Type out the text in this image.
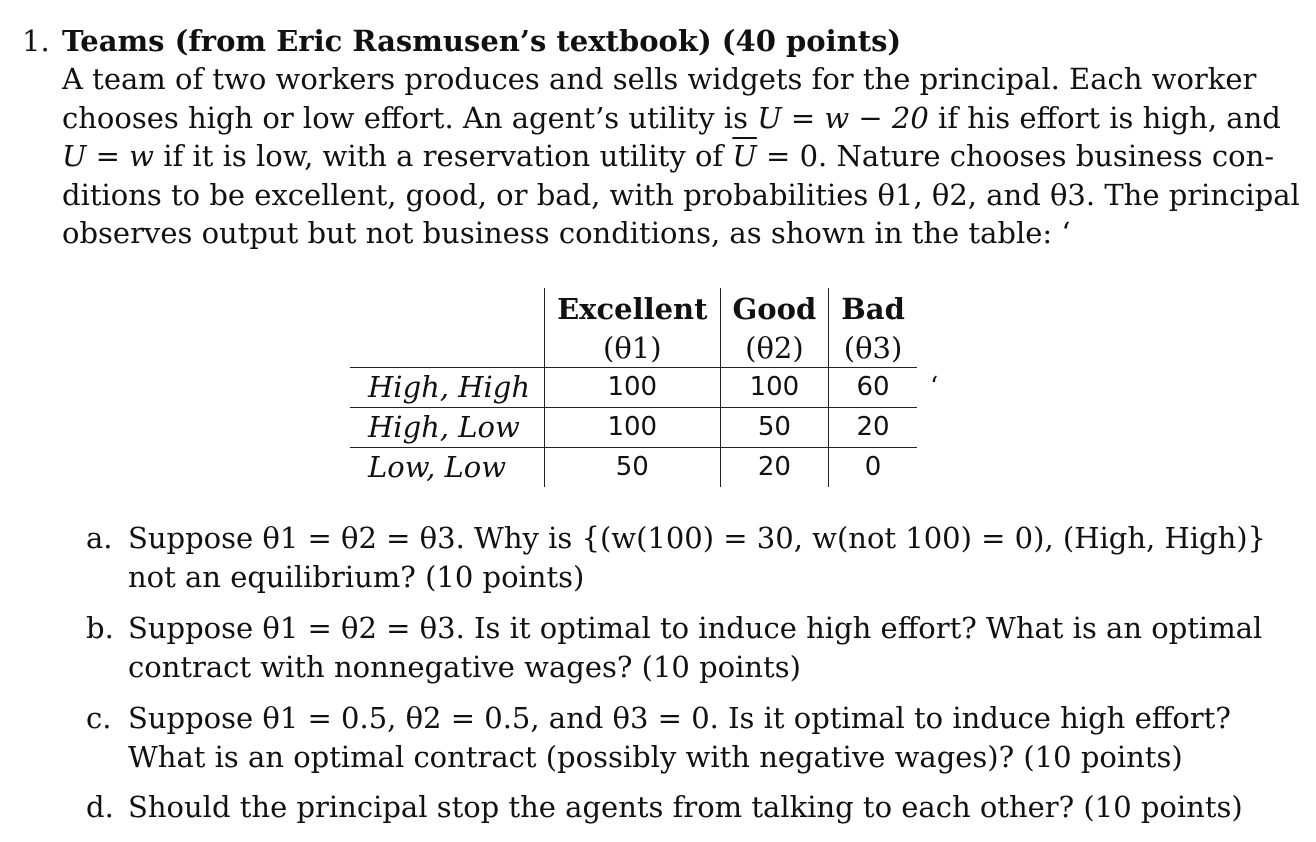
1. Teams (from Eric Rasmusen’s textbook) (40 points)
A team of two workers produces and sells widgets for the principal. Each worker
chooses high or low effort. An agent’s utility is U = w − 20 if his effort is high, and
U = w if it is low, with a reservation utility of $\overline{U} = 0$. Nature chooses business con-
ditions to be excellent, good, or bad, with probabilities θ1, θ2, and θ3. The principal
observes output but not business conditions, as shown in the table: ‘
	Excellent	Good	Bad
	(θ1)	(θ2)	(θ3)
High, High	100	100	60
High, Low	100	50	20
Low, Low	50	20	0
‘
a. Suppose θ1 = θ2 = θ3. Why is {(w(100) = 30, w(not 100) = 0), (High, High)}
not an equilibrium? (10 points)
b. Suppose θ1 = θ2 = θ3. Is it optimal to induce high effort? What is an optimal
contract with nonnegative wages? (10 points)
c. Suppose θ1 = 0.5, θ2 = 0.5, and θ3 = 0. Is it optimal to induce high effort?
What is an optimal contract (possibly with negative wages)? (10 points)
d. Should the principal stop the agents from talking to each other? (10 points)
